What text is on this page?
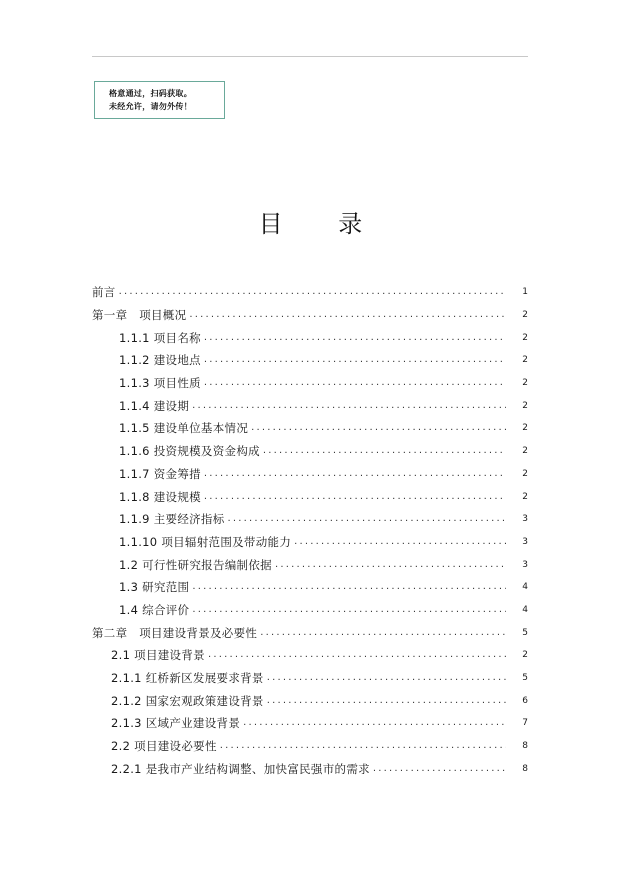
格意通过，扫码获取。
未经允许，请勿外传！
目 录
前言 .....	1
第一章　项目概况 .....	2
1.1.1 项目名称 .....	2
1.1.2 建设地点 .....	2
1.1.3 项目性质 .....	2
1.1.4 建设期 .....	2
1.1.5 建设单位基本情况 .....	2
1.1.6 投资规模及资金构成 .....	2
1.1.7 资金筹措 .....	2
1.1.8 建设规模 .....	2
1.1.9 主要经济指标 .....	3
1.1.10 项目辐射范围及带动能力 .....	3
1.2 可行性研究报告编制依据 .....	3
1.3 研究范围 .....	4
1.4 综合评价 .....	4
第二章　项目建设背景及必要性 .....	5
2.1 项目建设背景 .....	2
2.1.1 红桥新区发展要求背景 .....	5
2.1.2 国家宏观政策建设背景 .....	6
2.1.3 区域产业建设背景 .....	7
2.2 项目建设必要性 .....	8
2.2.1 是我市产业结构调整、加快富民强市的需求 .....	8
